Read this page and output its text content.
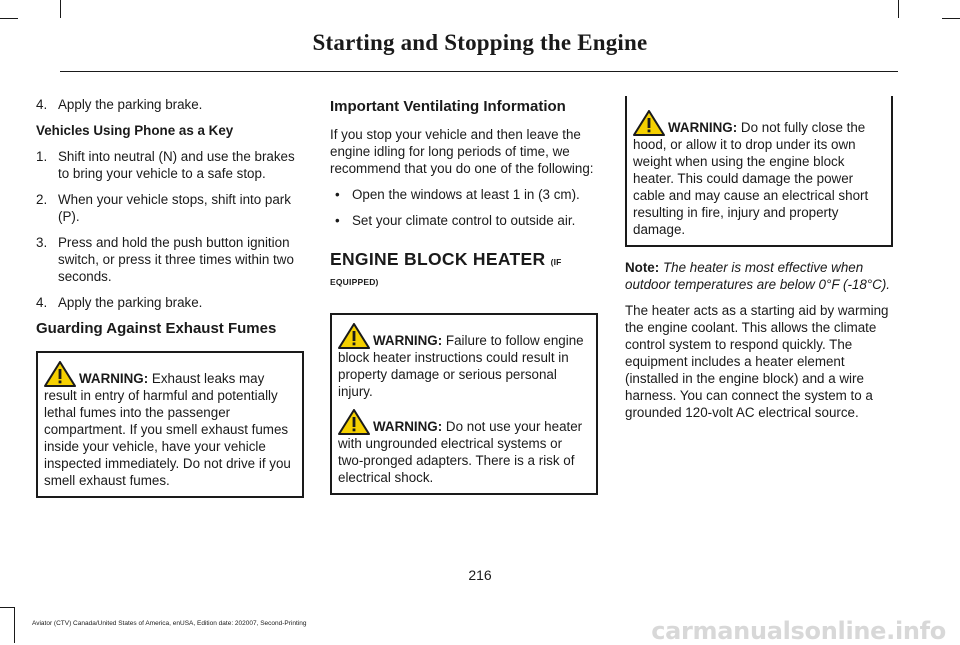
Starting and Stopping the Engine
4. Apply the parking brake.

Vehicles Using Phone as a Key

1. Shift into neutral (N) and use the brakes to bring your vehicle to a safe stop.
2. When your vehicle stops, shift into park (P).
3. Press and hold the push button ignition switch, or press it three times within two seconds.
4. Apply the parking brake.

Guarding Against Exhaust Fumes

WARNING: Exhaust leaks may result in entry of harmful and potentially lethal fumes into the passenger compartment. If you smell exhaust fumes inside your vehicle, have your vehicle inspected immediately. Do not drive if you smell exhaust fumes.

Important Ventilating Information

If you stop your vehicle and then leave the engine idling for long periods of time, we recommend that you do one of the following:

• Open the windows at least 1 in (3 cm).
• Set your climate control to outside air.

ENGINE BLOCK HEATER (IF EQUIPPED)

WARNING: Failure to follow engine block heater instructions could result in property damage or serious personal injury.

WARNING: Do not use your heater with ungrounded electrical systems or two-pronged adapters. There is a risk of electrical shock.

WARNING: Do not fully close the hood, or allow it to drop under its own weight when using the engine block heater. This could damage the power cable and may cause an electrical short resulting in fire, injury and property damage.

Note: The heater is most effective when outdoor temperatures are below 0°F (-18°C).

The heater acts as a starting aid by warming the engine coolant. This allows the climate control system to respond quickly. The equipment includes a heater element (installed in the engine block) and a wire harness. You can connect the system to a grounded 120-volt AC electrical source.

216
Aviator (CTV) Canada/United States of America, enUSA, Edition date: 202007, Second-Printing	carmanualsonline.info
